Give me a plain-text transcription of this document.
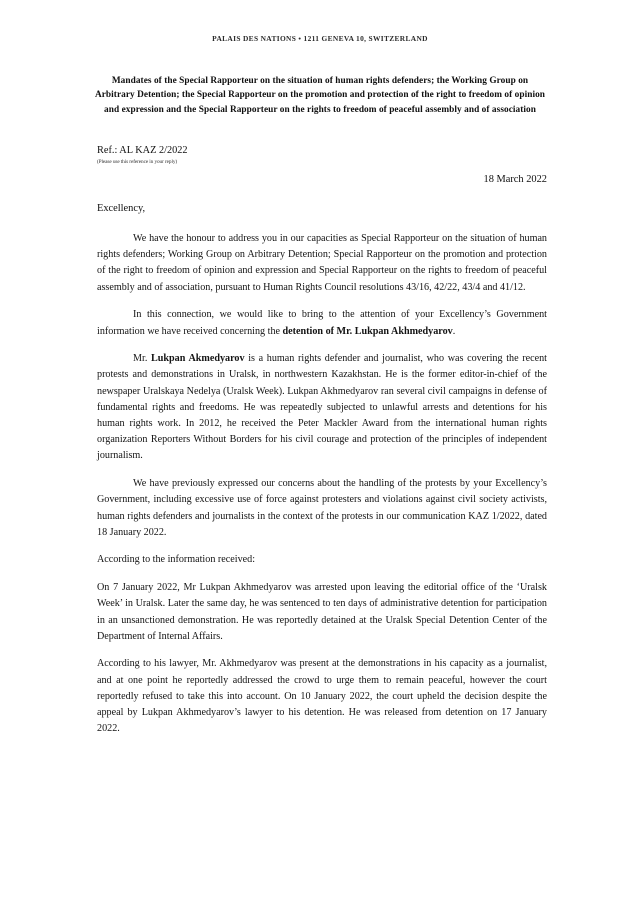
PALAIS DES NATIONS • 1211 GENEVA 10, SWITZERLAND
Mandates of the Special Rapporteur on the situation of human rights defenders; the Working Group on Arbitrary Detention; the Special Rapporteur on the promotion and protection of the right to freedom of opinion and expression and the Special Rapporteur on the rights to freedom of peaceful assembly and of association
Ref.: AL KAZ 2/2022
(Please use this reference in your reply)
18 March 2022
Excellency,

We have the honour to address you in our capacities as Special Rapporteur on the situation of human rights defenders; Working Group on Arbitrary Detention; Special Rapporteur on the promotion and protection of the right to freedom of opinion and expression and Special Rapporteur on the rights to freedom of peaceful assembly and of association, pursuant to Human Rights Council resolutions 43/16, 42/22, 43/4 and 41/12.

In this connection, we would like to bring to the attention of your Excellency’s Government information we have received concerning the detention of Mr. Lukpan Akhmedyarov.

Mr. Lukpan Akmedyarov is a human rights defender and journalist, who was covering the recent protests and demonstrations in Uralsk, in northwestern Kazakhstan. He is the former editor-in-chief of the newspaper Uralskaya Nedelya (Uralsk Week). Lukpan Akhmedyarov ran several civil campaigns in defense of fundamental rights and freedoms. He was repeatedly subjected to unlawful arrests and detentions for his human rights work. In 2012, he received the Peter Mackler Award from the international human rights organization Reporters Without Borders for his civil courage and protection of the principles of independent journalism.

We have previously expressed our concerns about the handling of the protests by your Excellency’s Government, including excessive use of force against protesters and violations against civil society activists, human rights defenders and journalists in the context of the protests in our communication KAZ 1/2022, dated 18 January 2022.

According to the information received:

On 7 January 2022, Mr Lukpan Akhmedyarov was arrested upon leaving the editorial office of the ‘Uralsk Week’ in Uralsk. Later the same day, he was sentenced to ten days of administrative detention for participation in an unsanctioned demonstration. He was reportedly detained at the Uralsk Special Detention Center of the Department of Internal Affairs.

According to his lawyer, Mr. Akhmedyarov was present at the demonstrations in his capacity as a journalist, and at one point he reportedly addressed the crowd to urge them to remain peaceful, however the court reportedly refused to take this into account. On 10 January 2022, the court upheld the decision despite the appeal by Lukpan Akhmedyarov’s lawyer to his detention. He was released from detention on 17 January 2022.
